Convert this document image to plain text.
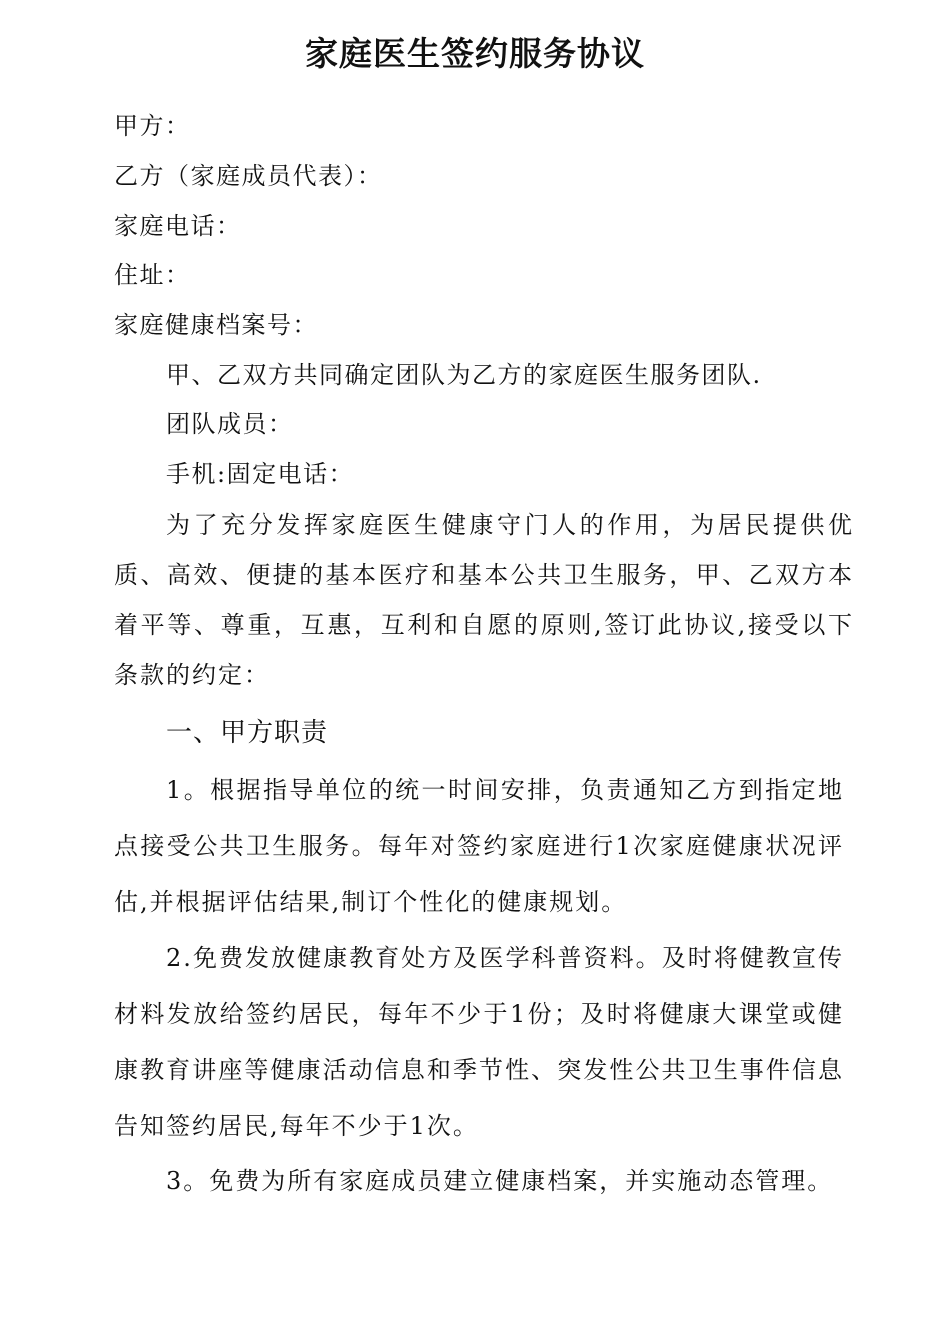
家庭医生签约服务协议
甲方：
乙方（家庭成员代表）：
家庭电话：
住址：
家庭健康档案号：
甲、乙双方共同确定团队为乙方的家庭医生服务团队.
团队成员：
手机:固定电话：
为了充分发挥家庭医生健康守门人的作用，为居民提供优质、高效、便捷的基本医疗和基本公共卫生服务，甲、乙双方本着平等、尊重，互惠，互利和自愿的原则,签订此协议,接受以下条款的约定：
一、甲方职责
1。根据指导单位的统一时间安排，负责通知乙方到指定地点接受公共卫生服务。每年对签约家庭进行1次家庭健康状况评估,并根据评估结果,制订个性化的健康规划。
2.免费发放健康教育处方及医学科普资料。及时将健教宣传材料发放给签约居民，每年不少于1份；及时将健康大课堂或健康教育讲座等健康活动信息和季节性、突发性公共卫生事件信息告知签约居民,每年不少于1次。
3。免费为所有家庭成员建立健康档案，并实施动态管理。
